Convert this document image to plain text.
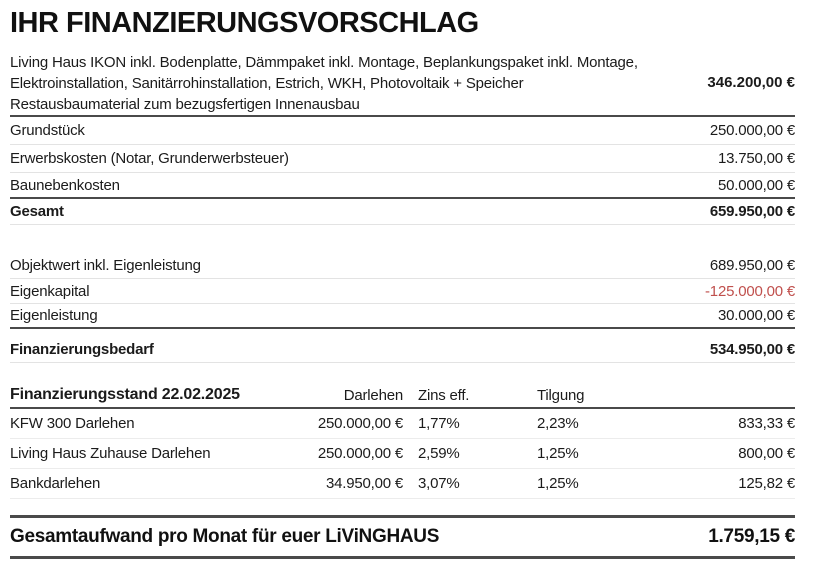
IHR FINANZIERUNGSVORSCHLAG
Living Haus IKON inkl. Bodenplatte, Dämmpaket inkl. Montage, Beplankungspaket inkl. Montage,
Elektroinstallation, Sanitärrohinstallation, Estrich, WKH, Photovoltaik + Speicher
Restausbaumaterial zum bezugsfertigen Innenausbau
346.200,00 €
Grundstück	250.000,00 €
Erwerbskosten (Notar, Grunderwerbsteuer)	13.750,00 €
Baunebenkosten	50.000,00 €
Gesamt	659.950,00 €
Objektwert inkl. Eigenleistung	689.950,00 €
Eigenkapital	-125.000,00 €
Eigenleistung	30.000,00 €
Finanzierungsbedarf	534.950,00 €
Finanzierungsstand 22.02.2025	Darlehen Zins eff.	Tilgung
KFW 300 Darlehen	250.000,00 € 1,77%	2,23%	833,33 €
Living Haus Zuhause Darlehen	250.000,00 € 2,59%	1,25%	800,00 €
Bankdarlehen	34.950,00 € 3,07%	1,25%	125,82 €
Gesamtaufwand pro Monat für euer LiViNGHAUS	1.759,15 €
